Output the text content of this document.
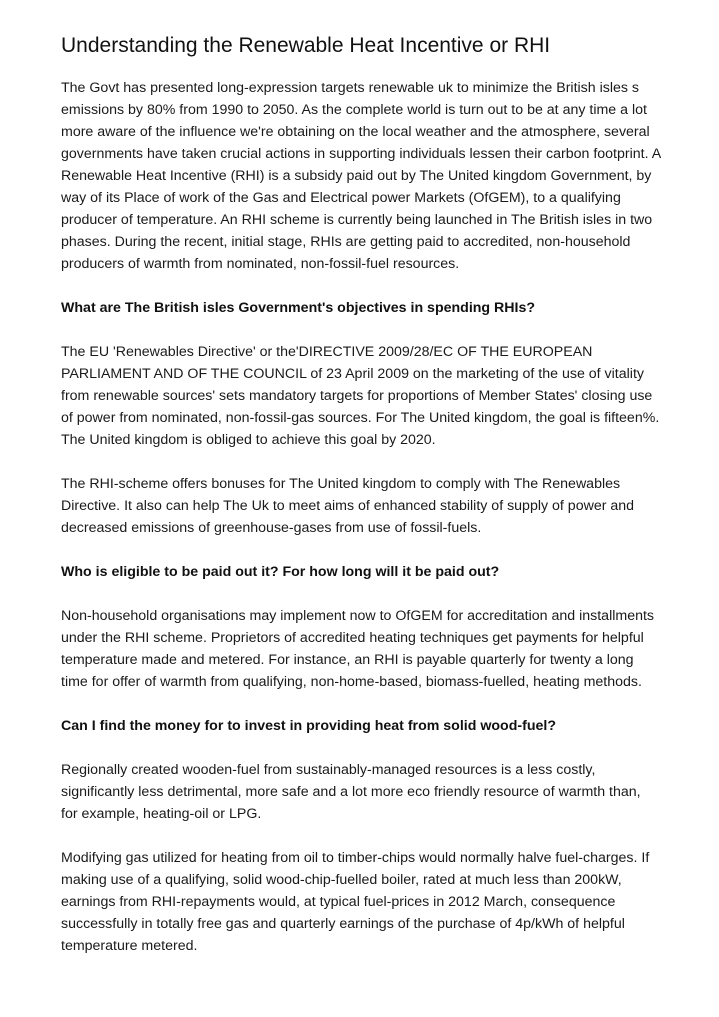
Understanding the Renewable Heat Incentive or RHI

The Govt has presented long-expression targets renewable uk to minimize the British isles s emissions by 80% from 1990 to 2050. As the complete world is turn out to be at any time a lot more aware of the influence we're obtaining on the local weather and the atmosphere, several governments have taken crucial actions in supporting individuals lessen their carbon footprint. A Renewable Heat Incentive (RHI) is a subsidy paid out by The United kingdom Government, by way of its Place of work of the Gas and Electrical power Markets (OfGEM), to a qualifying producer of temperature. An RHI scheme is currently being launched in The British isles in two phases. During the recent, initial stage, RHIs are getting paid to accredited, non-household producers of warmth from nominated, non-fossil-fuel resources.

What are The British isles Government's objectives in spending RHIs?

The EU 'Renewables Directive' or the'DIRECTIVE 2009/28/EC OF THE EUROPEAN PARLIAMENT AND OF THE COUNCIL of 23 April 2009 on the marketing of the use of vitality from renewable sources' sets mandatory targets for proportions of Member States' closing use of power from nominated, non-fossil-gas sources. For The United kingdom, the goal is fifteen%. The United kingdom is obliged to achieve this goal by 2020.

The RHI-scheme offers bonuses for The United kingdom to comply with The Renewables Directive. It also can help The Uk to meet aims of enhanced stability of supply of power and decreased emissions of greenhouse-gases from use of fossil-fuels.

Who is eligible to be paid out it? For how long will it be paid out?

Non-household organisations may implement now to OfGEM for accreditation and installments under the RHI scheme. Proprietors of accredited heating techniques get payments for helpful temperature made and metered. For instance, an RHI is payable quarterly for twenty a long time for offer of warmth from qualifying, non-home-based, biomass-fuelled, heating methods.

Can I find the money for to invest in providing heat from solid wood-fuel?

Regionally created wooden-fuel from sustainably-managed resources is a less costly, significantly less detrimental, more safe and a lot more eco friendly resource of warmth than, for example, heating-oil or LPG.

Modifying gas utilized for heating from oil to timber-chips would normally halve fuel-charges. If making use of a qualifying, solid wood-chip-fuelled boiler, rated at much less than 200kW, earnings from RHI-repayments would, at typical fuel-prices in 2012 March, consequence successfully in totally free gas and quarterly earnings of the purchase of 4p/kWh of helpful temperature metered.
